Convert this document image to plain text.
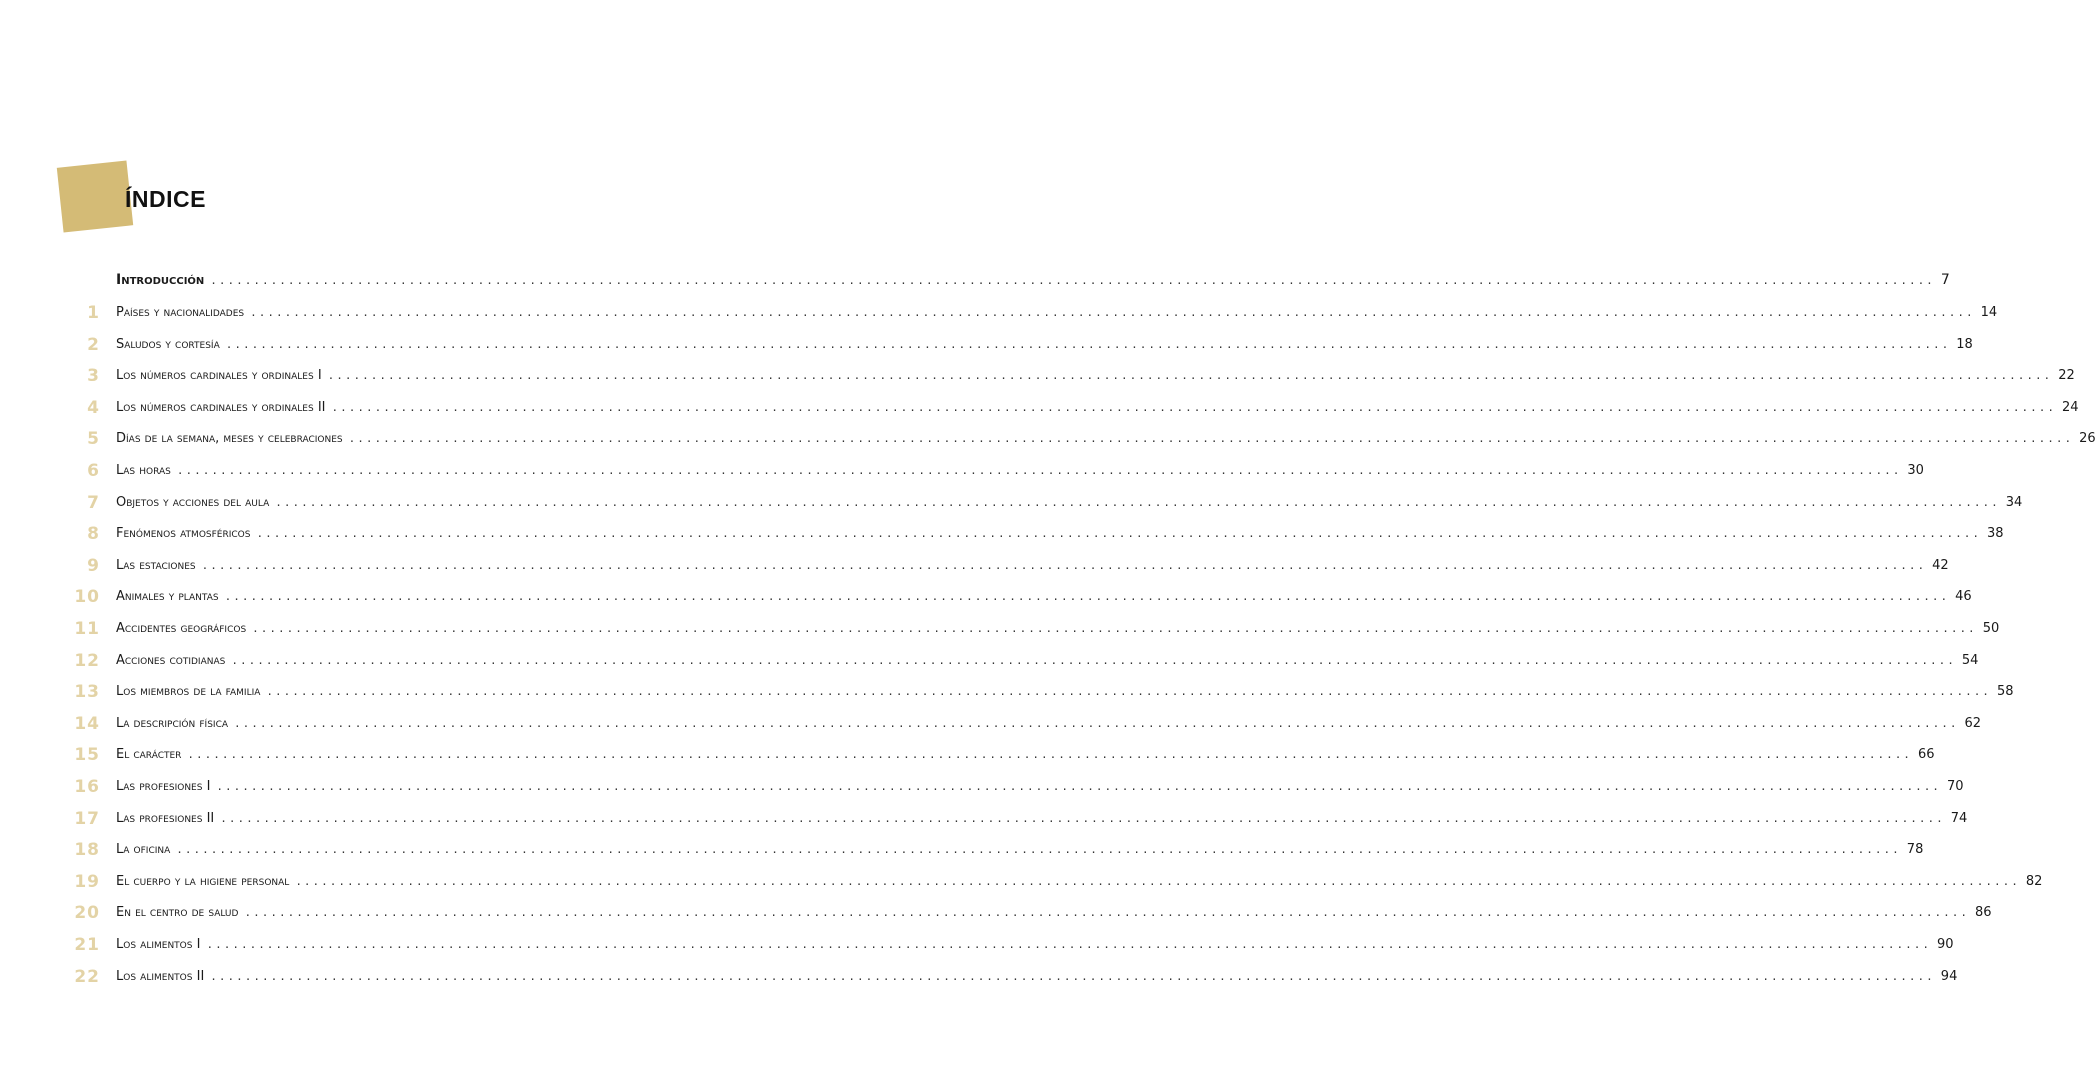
ÍNDICE
Introducción ........................................................................................................................................................................................................ 7
1 Países y nacionalidades ........................................................................................................................................................................................................ 14
2 Saludos y cortesía ........................................................................................................................................................................................................ 18
3 Los números cardinales y ordinales I ........................................................................................................................................................................................................ 22
4 Los números cardinales y ordinales II ........................................................................................................................................................................................................ 24
5 Días de la semana, meses y celebraciones ........................................................................................................................................................................................................ 26
6 Las horas ........................................................................................................................................................................................................ 30
7 Objetos y acciones del aula ........................................................................................................................................................................................................ 34
8 Fenómenos atmosféricos ........................................................................................................................................................................................................ 38
9 Las estaciones ........................................................................................................................................................................................................ 42
10 Animales y plantas ........................................................................................................................................................................................................ 46
11 Accidentes geográficos ........................................................................................................................................................................................................ 50
12 Acciones cotidianas ........................................................................................................................................................................................................ 54
13 Los miembros de la familia ........................................................................................................................................................................................................ 58
14 La descripción física ........................................................................................................................................................................................................ 62
15 El carácter ........................................................................................................................................................................................................ 66
16 Las profesiones I ........................................................................................................................................................................................................ 70
17 Las profesiones II ........................................................................................................................................................................................................ 74
18 La oficina ........................................................................................................................................................................................................ 78
19 El cuerpo y la higiene personal ........................................................................................................................................................................................................ 82
20 En el centro de salud ........................................................................................................................................................................................................ 86
21 Los alimentos I ........................................................................................................................................................................................................ 90
22 Los alimentos II ........................................................................................................................................................................................................ 94
